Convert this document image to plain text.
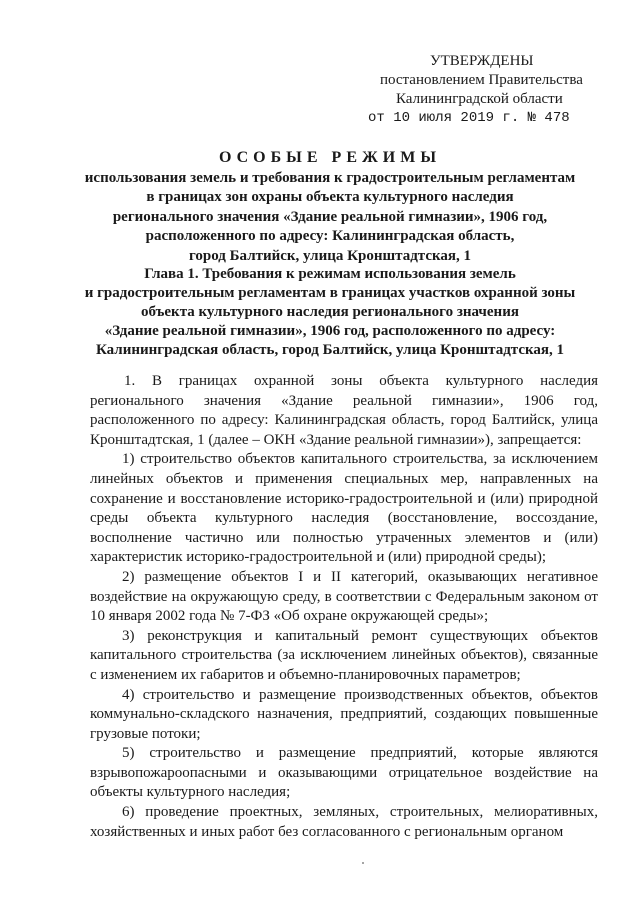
УТВЕРЖДЕНЫ
постановлением Правительства
Калининградской области
от 10 июля 2019 г. № 478
ОСОБЫЕ РЕЖИМЫ
использования земель и требования к градостроительным регламентам
в границах зон охраны объекта культурного наследия
регионального значения «Здание реальной гимназии», 1906 год,
расположенного по адресу: Калининградская область,
город Балтийск, улица Кронштадтская, 1
Глава 1. Требования к режимам использования земель
и градостроительным регламентам в границах участков охранной зоны
объекта культурного наследия регионального значения
«Здание реальной гимназии», 1906 год, расположенного по адресу:
Калининградская область, город Балтийск, улица Кронштадтская, 1

1. В границах охранной зоны объекта культурного наследия регионального значения «Здание реальной гимназии», 1906 год, расположенного по адресу: Калининградская область, город Балтийск, улица Кронштадтская, 1 (далее – ОКН «Здание реальной гимназии»), запрещается:

1) строительство объектов капитального строительства, за исключением линейных объектов и применения специальных мер, направленных на сохранение и восстановление историко-градостроительной и (или) природной среды объекта культурного наследия (восстановление, воссоздание, восполнение частично или полностью утраченных элементов и (или) характеристик историко-градостроительной и (или) природной среды);

2) размещение объектов I и II категорий, оказывающих негативное воздействие на окружающую среду, в соответствии с Федеральным законом от 10 января 2002 года № 7-ФЗ «Об охране окружающей среды»;

3) реконструкция и капитальный ремонт существующих объектов капитального строительства (за исключением линейных объектов), связанные с изменением их габаритов и объемно-планировочных параметров;

4) строительство и размещение производственных объектов, объектов коммунально-складского назначения, предприятий, создающих повышенные грузовые потоки;

5) строительство и размещение предприятий, которые являются взрывопожароопасными и оказывающими отрицательное воздействие на объекты культурного наследия;

6) проведение проектных, земляных, строительных, мелиоративных, хозяйственных и иных работ без согласованного с региональным органом
